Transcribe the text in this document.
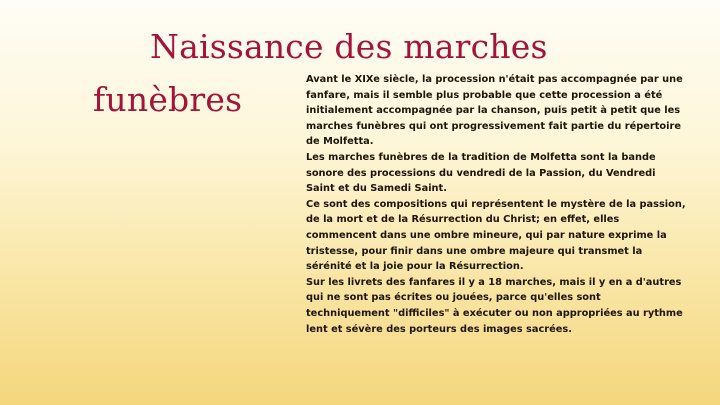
Naissance des marches
funèbres

Avant le XIXe siècle, la procession n'était pas accompagnée par une fanfare, mais il semble plus probable que cette procession a été initialement accompagnée par la chanson, puis petit à petit que les marches funèbres qui ont progressivement fait partie du répertoire de Molfetta.

Les marches funèbres de la tradition de Molfetta sont la bande sonore des processions du vendredi de la Passion, du Vendredi Saint et du Samedi Saint.

Ce sont des compositions qui représentent le mystère de la passion, de la mort et de la Résurrection du Christ; en effet, elles commencent dans une ombre mineure, qui par nature exprime la tristesse, pour finir dans une ombre majeure qui transmet la sérénité et la joie pour la Résurrection.

Sur les livrets des fanfares il y a 18 marches, mais il y en a d'autres qui ne sont pas écrites ou jouées, parce qu'elles sont techniquement "difficiles" à exécuter ou non appropriées au rythme lent et sévère des porteurs des images sacrées.
